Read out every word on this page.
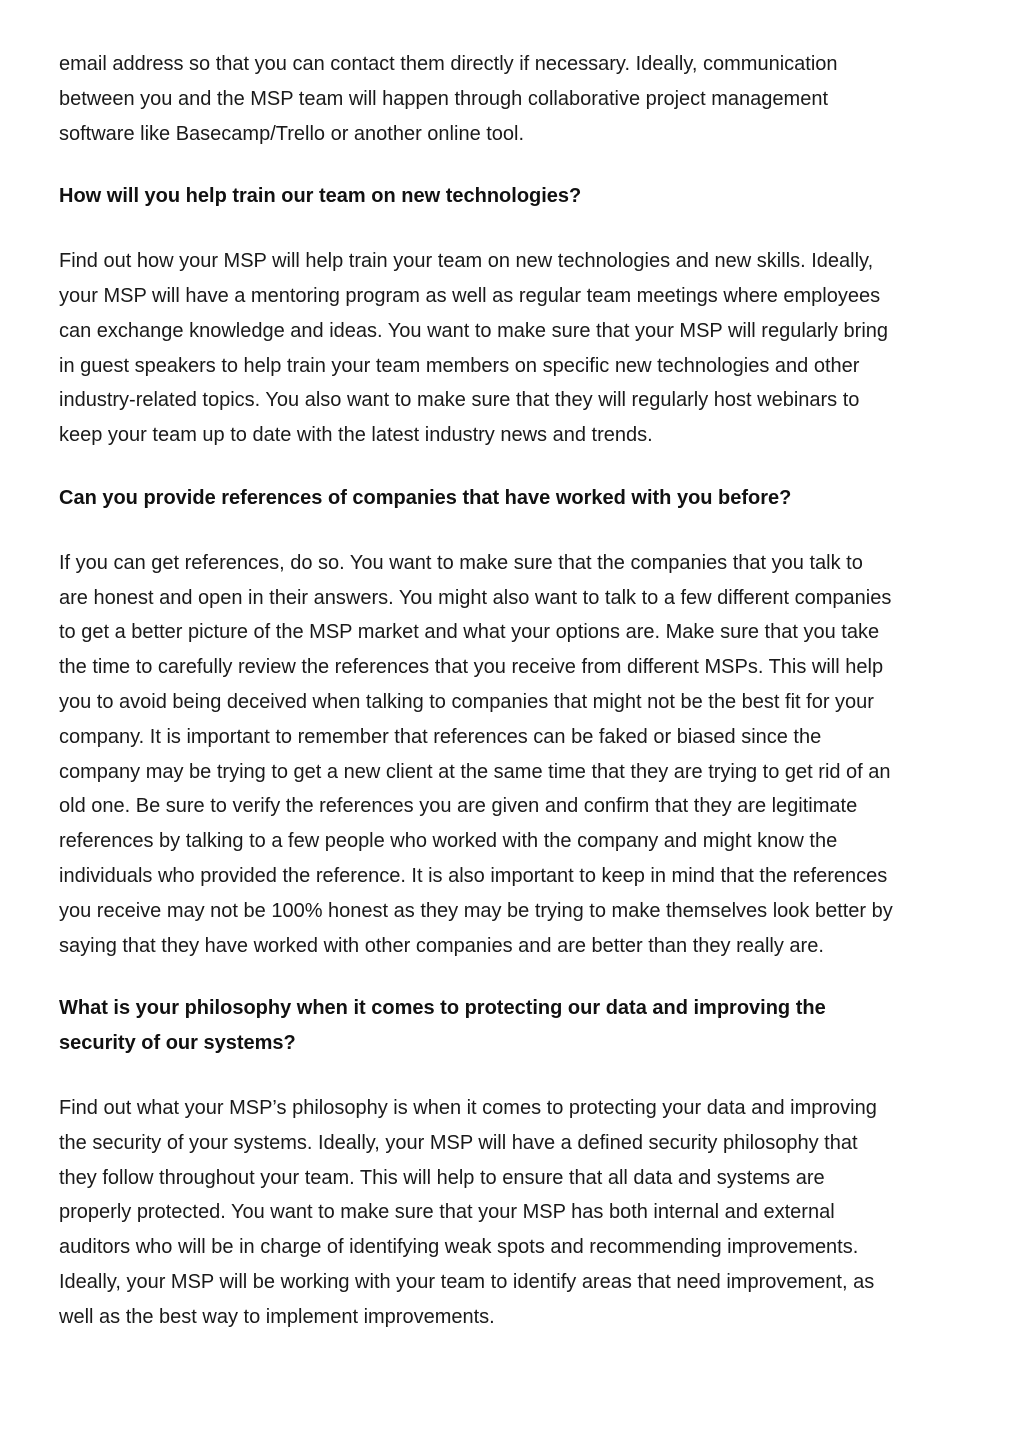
email address so that you can contact them directly if necessary. Ideally, communication

between you and the MSP team will happen through collaborative project management

software like Basecamp/Trello or another online tool.

How will you help train our team on new technologies?

Find out how your MSP will help train your team on new technologies and new skills. Ideally,

your MSP will have a mentoring program as well as regular team meetings where employees

can exchange knowledge and ideas. You want to make sure that your MSP will regularly bring

in guest speakers to help train your team members on specific new technologies and other

industry-related topics. You also want to make sure that they will regularly host webinars to

keep your team up to date with the latest industry news and trends.

Can you provide references of companies that have worked with you before?

If you can get references, do so. You want to make sure that the companies that you talk to

are honest and open in their answers. You might also want to talk to a few different companies

to get a better picture of the MSP market and what your options are. Make sure that you take

the time to carefully review the references that you receive from different MSPs. This will help

you to avoid being deceived when talking to companies that might not be the best fit for your

company. It is important to remember that references can be faked or biased since the

company may be trying to get a new client at the same time that they are trying to get rid of an

old one. Be sure to verify the references you are given and confirm that they are legitimate

references by talking to a few people who worked with the company and might know the

individuals who provided the reference. It is also important to keep in mind that the references

you receive may not be 100% honest as they may be trying to make themselves look better by

saying that they have worked with other companies and are better than they really are.

What is your philosophy when it comes to protecting our data and improving the
security of our systems?

Find out what your MSP’s philosophy is when it comes to protecting your data and improving

the security of your systems. Ideally, your MSP will have a defined security philosophy that

they follow throughout your team. This will help to ensure that all data and systems are

properly protected. You want to make sure that your MSP has both internal and external

auditors who will be in charge of identifying weak spots and recommending improvements.

Ideally, your MSP will be working with your team to identify areas that need improvement, as

well as the best way to implement improvements.
